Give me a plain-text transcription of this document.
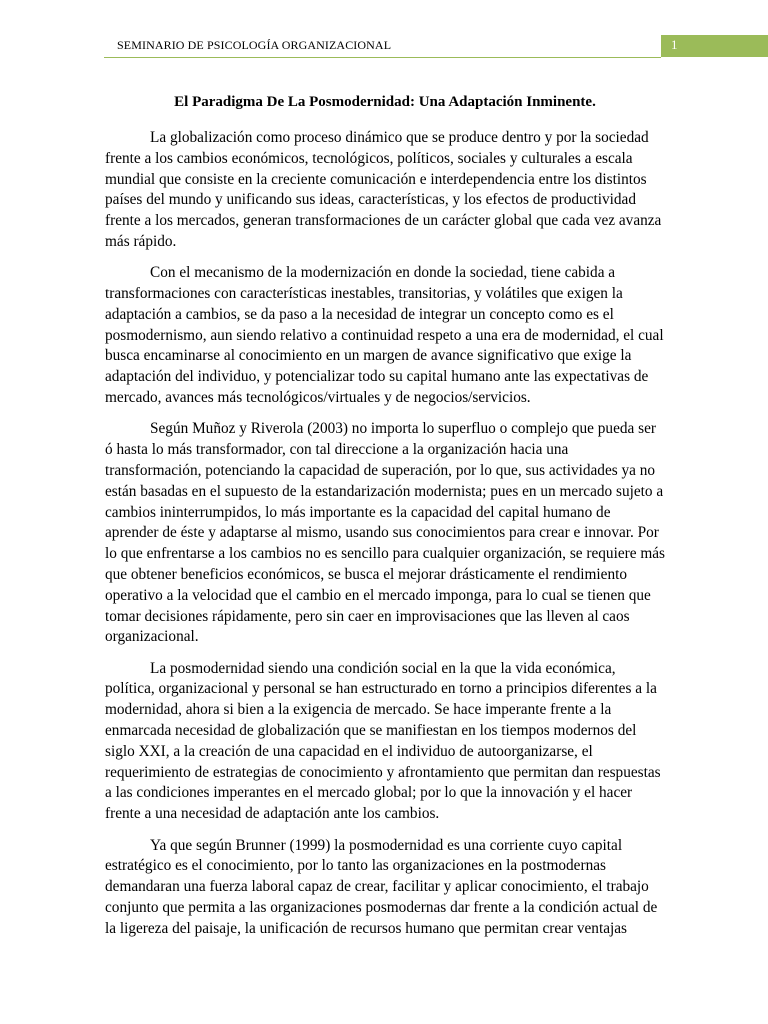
SEMINARIO DE PSICOLOGÍA ORGANIZACIONAL	1
El Paradigma De La Posmodernidad: Una Adaptación Inminente.

La globalización como proceso dinámico que se produce dentro y por la sociedad frente a los cambios económicos, tecnológicos, políticos, sociales y culturales a escala mundial que consiste en la creciente comunicación e interdependencia entre los distintos países del mundo y unificando sus ideas, características, y los efectos de productividad frente a los mercados, generan transformaciones de un carácter global que cada vez avanza más rápido.

Con el mecanismo de la modernización en donde la sociedad, tiene cabida a transformaciones con características inestables, transitorias, y volátiles que exigen la adaptación a cambios, se da paso a la necesidad de integrar un concepto como es el posmodernismo, aun siendo relativo a continuidad respeto a una era de modernidad, el cual busca encaminarse al conocimiento en un margen de avance significativo que exige la adaptación del individuo, y potencializar todo su capital humano ante las expectativas de mercado, avances más tecnológicos/virtuales y de negocios/servicios.

Según Muñoz y Riverola (2003) no importa lo superfluo o complejo que pueda ser ó hasta lo más transformador, con tal direccione a la organización hacia una transformación, potenciando la capacidad de superación, por lo que, sus actividades ya no están basadas en el supuesto de la estandarización modernista; pues en un mercado sujeto a cambios ininterrumpidos, lo más importante es la capacidad del capital humano de aprender de éste y adaptarse al mismo, usando sus conocimientos para crear e innovar. Por lo que enfrentarse a los cambios no es sencillo para cualquier organización, se requiere más que obtener beneficios económicos, se busca el mejorar drásticamente el rendimiento operativo a la velocidad que el cambio en el mercado imponga, para lo cual se tienen que tomar decisiones rápidamente, pero sin caer en improvisaciones que las lleven al caos organizacional.

La posmodernidad siendo una condición social en la que la vida económica, política, organizacional y personal se han estructurado en torno a principios diferentes a la modernidad, ahora si bien a la exigencia de mercado. Se hace imperante frente a la enmarcada necesidad de globalización que se manifiestan en los tiempos modernos del siglo XXI, a la creación de una capacidad en el individuo de autoorganizarse, el requerimiento de estrategias de conocimiento y afrontamiento que permitan dan respuestas a las condiciones imperantes en el mercado global; por lo que la innovación y el hacer frente a una necesidad de adaptación ante los cambios.

Ya que según Brunner (1999) la posmodernidad es una corriente cuyo capital estratégico es el conocimiento, por lo tanto las organizaciones en la postmodernas demandaran una fuerza laboral capaz de crear, facilitar y aplicar conocimiento, el trabajo conjunto que permita a las organizaciones posmodernas dar frente a la condición actual de la ligereza del paisaje, la unificación de recursos humano que permitan crear ventajas
